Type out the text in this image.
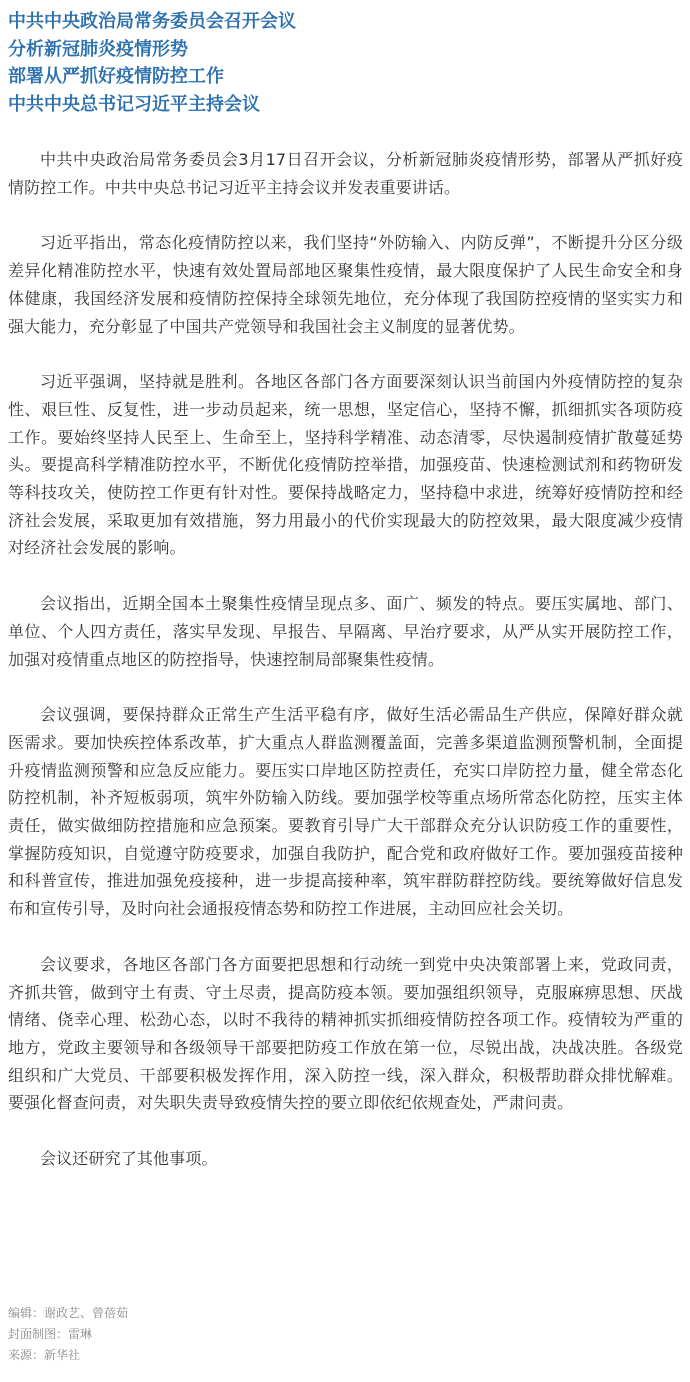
中共中央政治局常务委员会召开会议
分析新冠肺炎疫情形势
部署从严抓好疫情防控工作
中共中央总书记习近平主持会议

中共中央政治局常务委员会3月17日召开会议，分析新冠肺炎疫情形势，部署从严抓好疫情防控工作。中共中央总书记习近平主持会议并发表重要讲话。

习近平指出，常态化疫情防控以来，我们坚持“外防输入、内防反弹”，不断提升分区分级差异化精准防控水平，快速有效处置局部地区聚集性疫情，最大限度保护了人民生命安全和身体健康，我国经济发展和疫情防控保持全球领先地位，充分体现了我国防控疫情的坚实实力和强大能力，充分彰显了中国共产党领导和我国社会主义制度的显著优势。

习近平强调，坚持就是胜利。各地区各部门各方面要深刻认识当前国内外疫情防控的复杂性、艰巨性、反复性，进一步动员起来，统一思想，坚定信心，坚持不懈，抓细抓实各项防疫工作。要始终坚持人民至上、生命至上，坚持科学精准、动态清零，尽快遏制疫情扩散蔓延势头。要提高科学精准防控水平，不断优化疫情防控举措，加强疫苗、快速检测试剂和药物研发等科技攻关，使防控工作更有针对性。要保持战略定力，坚持稳中求进，统筹好疫情防控和经济社会发展，采取更加有效措施，努力用最小的代价实现最大的防控效果，最大限度减少疫情对经济社会发展的影响。

会议指出，近期全国本土聚集性疫情呈现点多、面广、频发的特点。要压实属地、部门、单位、个人四方责任，落实早发现、早报告、早隔离、早治疗要求，从严从实开展防控工作，加强对疫情重点地区的防控指导，快速控制局部聚集性疫情。

会议强调，要保持群众正常生产生活平稳有序，做好生活必需品生产供应，保障好群众就医需求。要加快疾控体系改革，扩大重点人群监测覆盖面，完善多渠道监测预警机制，全面提升疫情监测预警和应急反应能力。要压实口岸地区防控责任，充实口岸防控力量，健全常态化防控机制，补齐短板弱项，筑牢外防输入防线。要加强学校等重点场所常态化防控，压实主体责任，做实做细防控措施和应急预案。要教育引导广大干部群众充分认识防疫工作的重要性，掌握防疫知识，自觉遵守防疫要求，加强自我防护，配合党和政府做好工作。要加强疫苗接种和科普宣传，推进加强免疫接种，进一步提高接种率，筑牢群防群控防线。要统筹做好信息发布和宣传引导，及时向社会通报疫情态势和防控工作进展，主动回应社会关切。

会议要求，各地区各部门各方面要把思想和行动统一到党中央决策部署上来，党政同责，齐抓共管，做到守土有责、守土尽责，提高防疫本领。要加强组织领导，克服麻痹思想、厌战情绪、侥幸心理、松劲心态，以时不我待的精神抓实抓细疫情防控各项工作。疫情较为严重的地方，党政主要领导和各级领导干部要把防疫工作放在第一位，尽锐出战，决战决胜。各级党组织和广大党员、干部要积极发挥作用，深入防控一线，深入群众，积极帮助群众排忧解难。要强化督查问责，对失职失责导致疫情失控的要立即依纪依规查处，严肃问责。

会议还研究了其他事项。

编辑：谢政艺、曾蓓茹
封面制图：雷琳
来源：新华社
